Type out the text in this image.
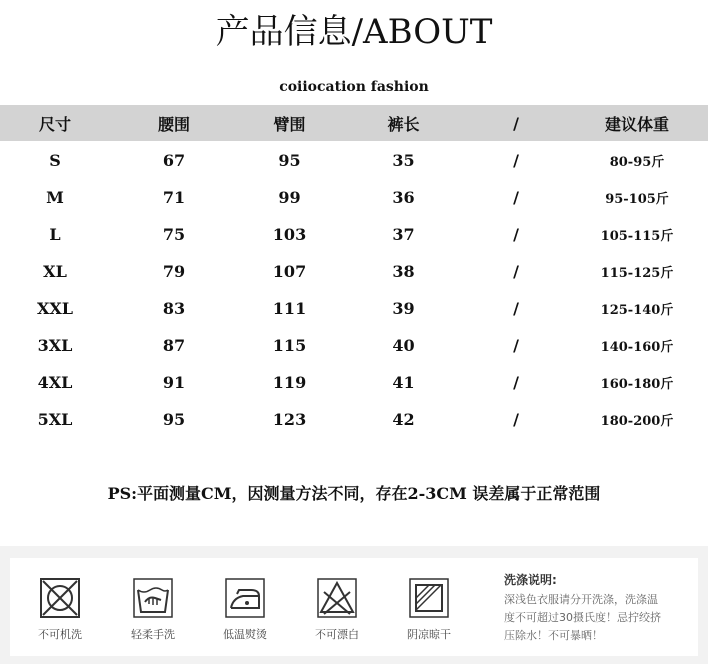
产品信息/ABOUT
coiiocation fashion
尺寸	腰围	臂围	裤长	/	建议体重
S	67	95	35	/	80-95斤
M	71	99	36	/	95-105斤
L	75	103	37	/	105-115斤
XL	79	107	38	/	115-125斤
XXL	83	111	39	/	125-140斤
3XL	87	115	40	/	140-160斤
4XL	91	119	41	/	160-180斤
5XL	95	123	42	/	180-200斤
PS:平面测量CM，因测量方法不同，存在2-3CM 误差属于正常范围
不可机洗	轻柔手洗	低温熨烫	不可漂白	阴凉晾干
洗涤说明:
深浅色衣服请分开洗涤，洗涤温
度不可超过30摄氏度！忌拧绞挤
压除水！不可暴晒！
